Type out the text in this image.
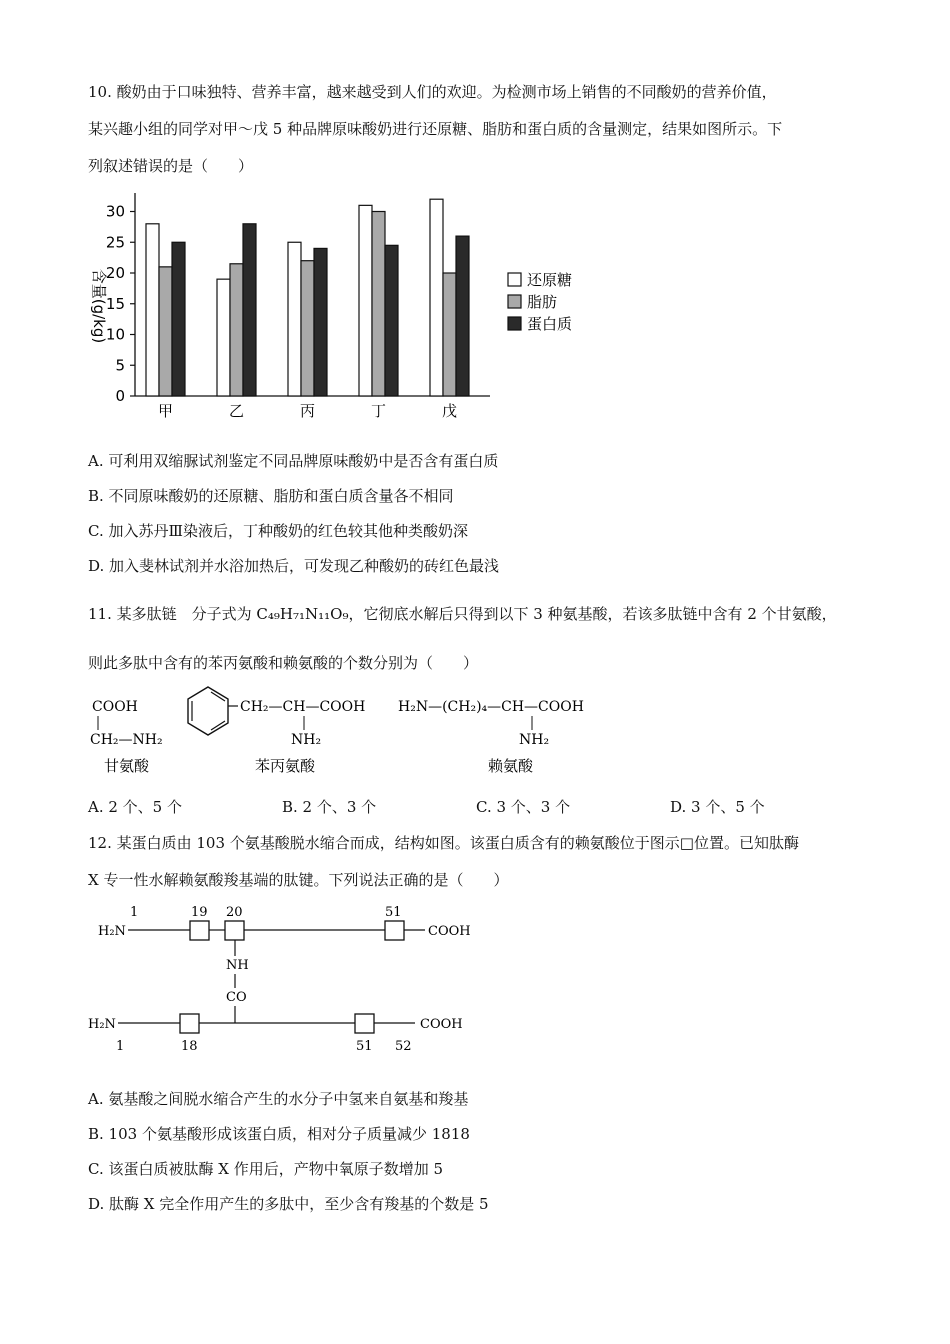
10. 酸奶由于口味独特、营养丰富，越来越受到人们的欢迎。为检测市场上销售的不同酸奶的营养价值，
某兴趣小组的同学对甲～戊 5 种品牌原味酸奶进行还原糖、脂肪和蛋白质的含量测定，结果如图所示。下
列叙述错误的是（　　）
0
5
10
15
20
25
30
含量(g/kg)
甲	乙	丙	丁	戊
还原糖
脂肪
蛋白质
A. 可利用双缩脲试剂鉴定不同品牌原味酸奶中是否含有蛋白质
B. 不同原味酸奶的还原糖、脂肪和蛋白质含量各不相同
C. 加入苏丹Ⅲ染液后，丁种酸奶的红色较其他种类酸奶深
D. 加入斐林试剂并水浴加热后，可发现乙种酸奶的砖红色最浅
11. 某多肽链　分子式为 C₄₉H₇₁N₁₁O₉，它彻底水解后只得到以下 3 种氨基酸，若该多肽链中含有 2 个甘氨酸，
则此多肽中含有的苯丙氨酸和赖氨酸的个数分别为（　　）
COOH
CH₂—NH₂
甘氨酸
CH₂—CH—COOH
NH₂
苯丙氨酸
H₂N—(CH₂)₄—CH—COOH
NH₂
赖氨酸
A. 2 个、5 个	B. 2 个、3 个	C. 3 个、3 个	D. 3 个、5 个
12. 某蛋白质由 103 个氨基酸脱水缩合而成，结构如图。该蛋白质含有的赖氨酸位于图示□位置。已知肽酶
X 专一性水解赖氨酸羧基端的肽键。下列说法正确的是（　　）
1	19 20	51
H₂N	COOH
NH
CO
H₂N	COOH
1	18	51 52
A. 氨基酸之间脱水缩合产生的水分子中氢来自氨基和羧基
B. 103 个氨基酸形成该蛋白质，相对分子质量减少 1818
C. 该蛋白质被肽酶 X 作用后，产物中氧原子数增加 5
D. 肽酶 X 完全作用产生的多肽中，至少含有羧基的个数是 5
